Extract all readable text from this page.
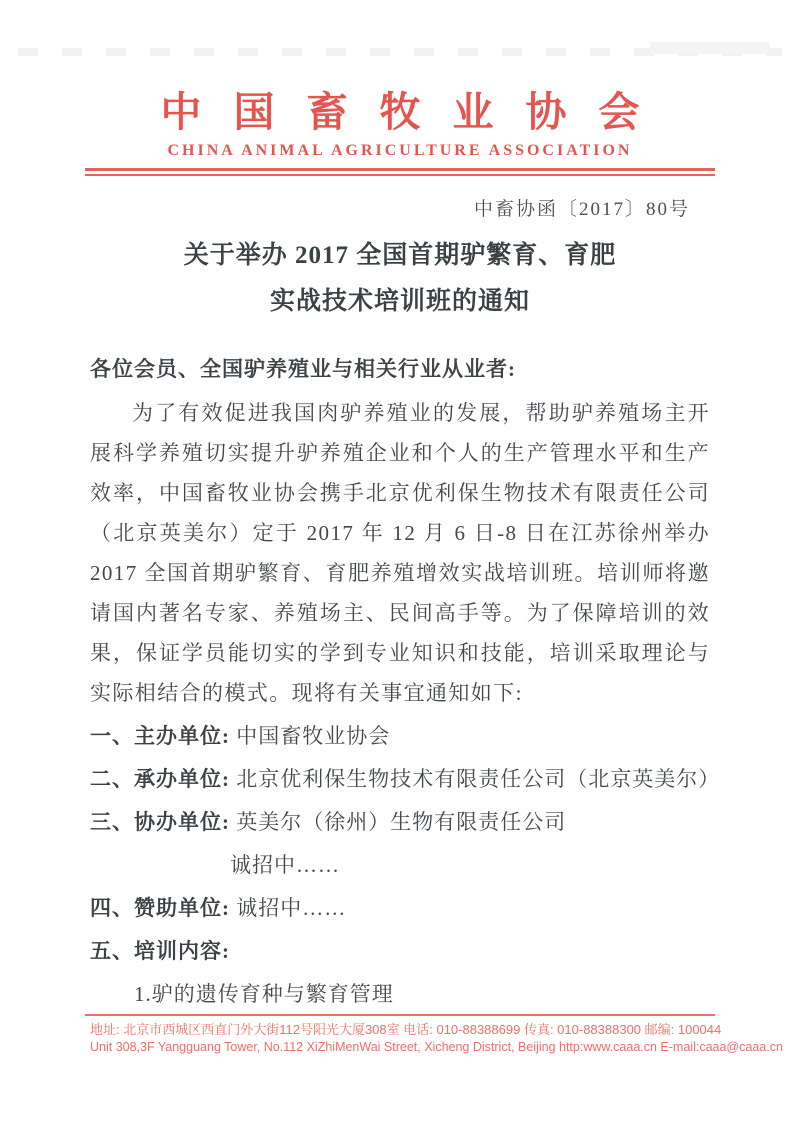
中国畜牧业协会
CHINA ANIMAL AGRICULTURE ASSOCIATION
中畜协函〔2017〕80号
关于举办 2017 全国首期驴繁育、育肥
实战技术培训班的通知
各位会员、全国驴养殖业与相关行业从业者:
为了有效促进我国肉驴养殖业的发展，帮助驴养殖场主开展科学养殖切实提升驴养殖企业和个人的生产管理水平和生产效率，中国畜牧业协会携手北京优利保生物技术有限责任公司（北京英美尔）定于 2017 年 12 月 6 日-8 日在江苏徐州举办 2017 全国首期驴繁育、育肥养殖增效实战培训班。培训师将邀请国内著名专家、养殖场主、民间高手等。为了保障培训的效果，保证学员能切实的学到专业知识和技能，培训采取理论与实际相结合的模式。现将有关事宜通知如下:
一、主办单位: 中国畜牧业协会
二、承办单位: 北京优利保生物技术有限责任公司（北京英美尔）
三、协办单位: 英美尔（徐州）生物有限责任公司
诚招中……
四、赞助单位: 诚招中……
五、培训内容:
1.驴的遗传育种与繁育管理
地址: 北京市西城区西直门外大街112号阳光大厦308室 电话: 010-88388699 传真: 010-88388300 邮编: 100044
Unit 308,3F Yangguang Tower, No.112 XiZhiMenWai Street, Xicheng District, Beijing http:www.caaa.cn E-mail:caaa@caaa.cn
